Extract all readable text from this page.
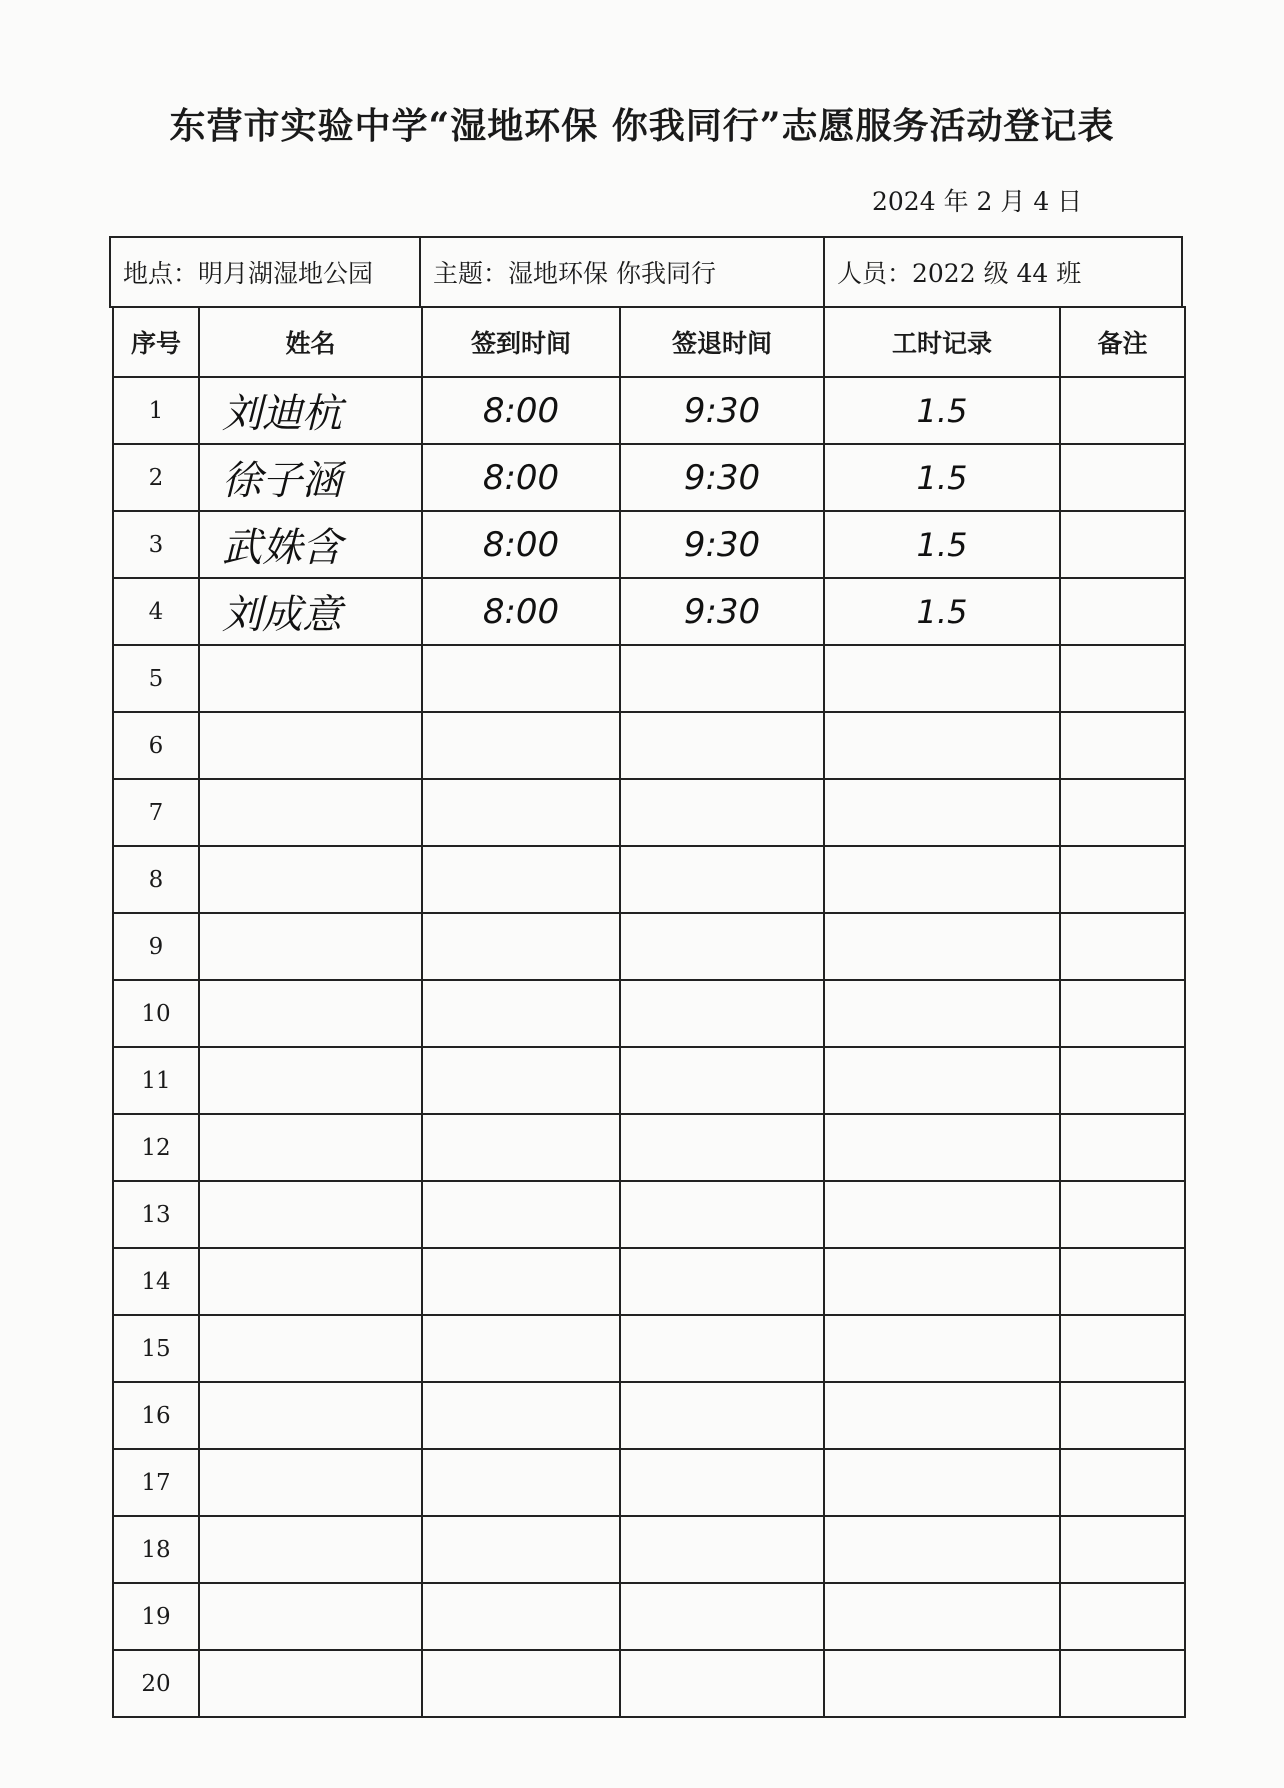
东营市实验中学“湿地环保 你我同行”志愿服务活动登记表
2024 年 2 月 4 日
地点：明月湖湿地公园	主题：湿地环保 你我同行	人员：2022 级 44 班
序号	姓名	签到时间	签退时间	工时记录	备注
1	刘迪杭	8:00	9:30	1.5	
2	徐子涵	8:00	9:30	1.5	
3	武姝含	8:00	9:30	1.5	
4	刘成意	8:00	9:30	1.5	
5					
6					
7					
8					
9					
10					
11					
12					
13					
14					
15					
16					
17					
18					
19					
20					
